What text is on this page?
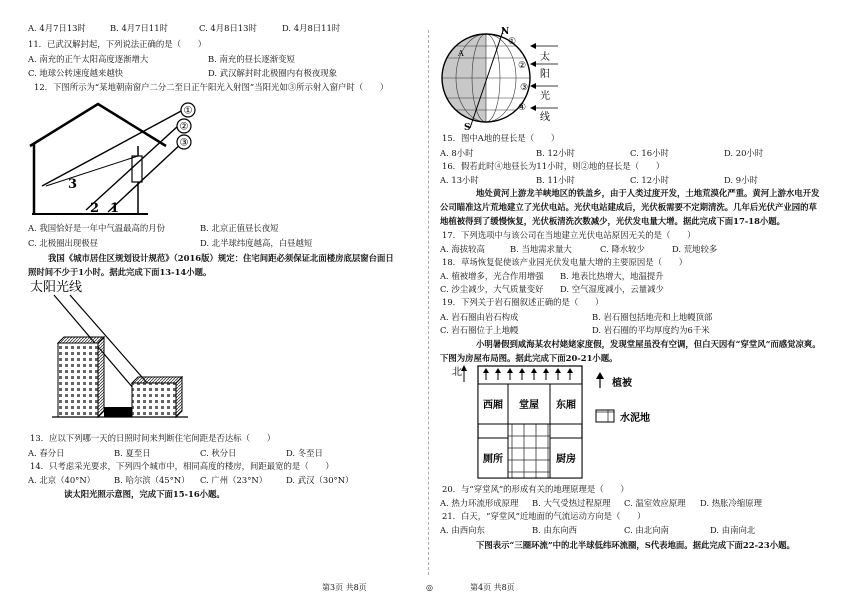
A. 4月7日13时	B. 4月7日11时	C. 4月8日13时	D. 4月8日11时
11．已武汉解封起，下列说法正确的是（　　）
A. 南充的正午太阳高度逐渐增大	B. 南充的昼长逐渐变短
C. 地球公转速度越来越快	D. 武汉解封时北极圈内有极夜现象
12．下图所示为“某地朝南窗户二分二至日正午阳光入射图”当阳光如③所示射入窗户时（　　）
①
②
③
3
2 1
A. 我国恰好是一年中气温最高的月份	B. 北京正值昼长夜短
C. 北极圈出现极昼	D. 北半球纬度越高，白昼越短
我国《城市居住区规划设计规范》（2016版）规定：住宅间距必须保证北面楼房底层窗台面日
照时间不少于1小时。据此完成下面13-14小题。
太阳光线
13．应以下列哪一天的日照时间来判断住宅间距是否达标（　　）
A. 春分日	B. 夏至日	C. 秋分日	D. 冬至日
14．只考虑采光要求，下列四个城市中，相同高度的楼房，间距最宽的是（　　）
A. 北京（40°N） B. 哈尔滨（45°N） C. 广州（23°N） D. 武汉（30°N）
读太阳光照示意图，完成下面15-16小题。
N
①
太
阳
光
线
②
③
④
A
S
15．图中A地的昼长是（　　）
A. 8小时	B. 12小时	C. 16小时	D. 20小时
16．假若此时④地昼长为11小时，则②地的昼长是（　　）
A. 13小时	B. 11小时	C. 12小时	D. 9小时
地处黄河上游龙羊峡地区的铁盖乡，由于人类过度开发，土地荒漠化严重。黄河上游水电开发
公司瞄准这片荒地建立了光伏电站。光伏电站建成后，光伏板需要不定期清洗。几年后光伏产业园的草
地植被得到了缓慢恢复，光伏板清洗次数减少，光伏发电量大增。据此完成下面17-18小题。
17．下列选项中与该公司在当地建立光伏电站原因无关的是（　　）
A. 海拔较高	B. 当地需求量大	C. 降水较少	D. 荒地较多
18．草场恢复促使该产业园光伏发电量大增的主要原因是（　　）
A. 植被增多，光合作用增强 B. 地表比热增大，地温提升
C. 沙尘减少，大气质量变好 D. 空气湿度减小，云量减少
19．下列关于岩石圈叙述正确的是（　　）
A. 岩石圈由岩石构成	B. 岩石圈包括地壳和上地幔顶部
C. 岩石圈位于上地幔	D. 岩石圈的平均厚度约为6千米
小明暑假到咸海某农村姥姥家度假，发现堂屋虽没有空调，但白天因有“穿堂风”而感觉凉爽。
下图为房屋布局图。据此完成下面20-21小题。
北
西厢 堂屋 东厢
厕所	厨房
植被
水泥地
20．与“穿堂风”的形成有关的地理原理是（　　）
A. 热力环流形成原理 B. 大气受热过程原理 C. 温室效应原理 D. 热胀冷缩原理
21．白天，“穿堂风”近地面的气流运动方向是（　　）
A. 由西向东	B. 由东向西	C. 由北向南	D. 由南向北
下图表示“三圈环流”中的北半球低纬环流圈，S代表地面。据此完成下面22-23小题。
第3页 共8页	◎	第4页 共8页
